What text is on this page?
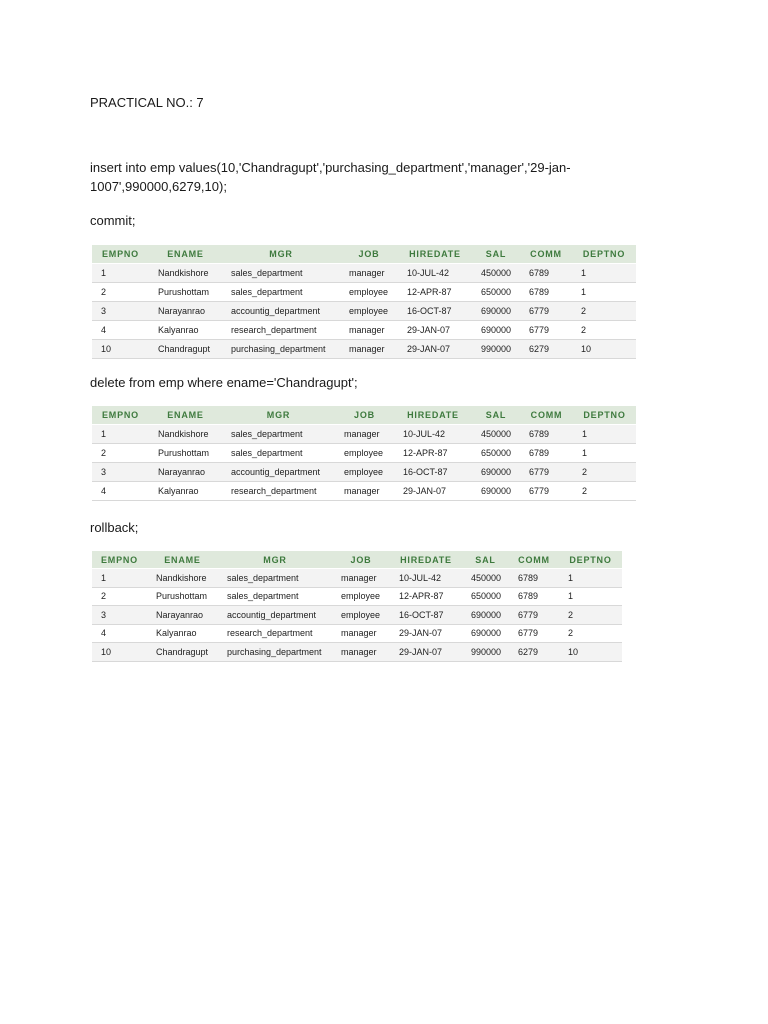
PRACTICAL NO.: 7
insert into emp values(10,'Chandragupt','purchasing_department','manager','29-jan-
1007',990000,6279,10);
commit;
EMPNO	ENAME	MGR	JOB	HIREDATE	SAL	COMM	DEPTNO
1	Nandkishore	sales_department	manager	10-JUL-42	450000	6789	1
2	Purushottam	sales_department	employee	12-APR-87	650000	6789	1
3	Narayanrao	accountig_department	employee	16-OCT-87	690000	6779	2
4	Kalyanrao	research_department	manager	29-JAN-07	690000	6779	2
10	Chandragupt	purchasing_department	manager	29-JAN-07	990000	6279	10
delete from emp where ename='Chandragupt';
EMPNO	ENAME	MGR	JOB	HIREDATE	SAL	COMM	DEPTNO
1	Nandkishore	sales_department	manager	10-JUL-42	450000	6789	1
2	Purushottam	sales_department	employee	12-APR-87	650000	6789	1
3	Narayanrao	accountig_department	employee	16-OCT-87	690000	6779	2
4	Kalyanrao	research_department	manager	29-JAN-07	690000	6779	2
rollback;
EMPNO	ENAME	MGR	JOB	HIREDATE	SAL	COMM	DEPTNO
1	Nandkishore	sales_department	manager	10-JUL-42	450000	6789	1
2	Purushottam	sales_department	employee	12-APR-87	650000	6789	1
3	Narayanrao	accountig_department	employee	16-OCT-87	690000	6779	2
4	Kalyanrao	research_department	manager	29-JAN-07	690000	6779	2
10	Chandragupt	purchasing_department	manager	29-JAN-07	990000	6279	10
